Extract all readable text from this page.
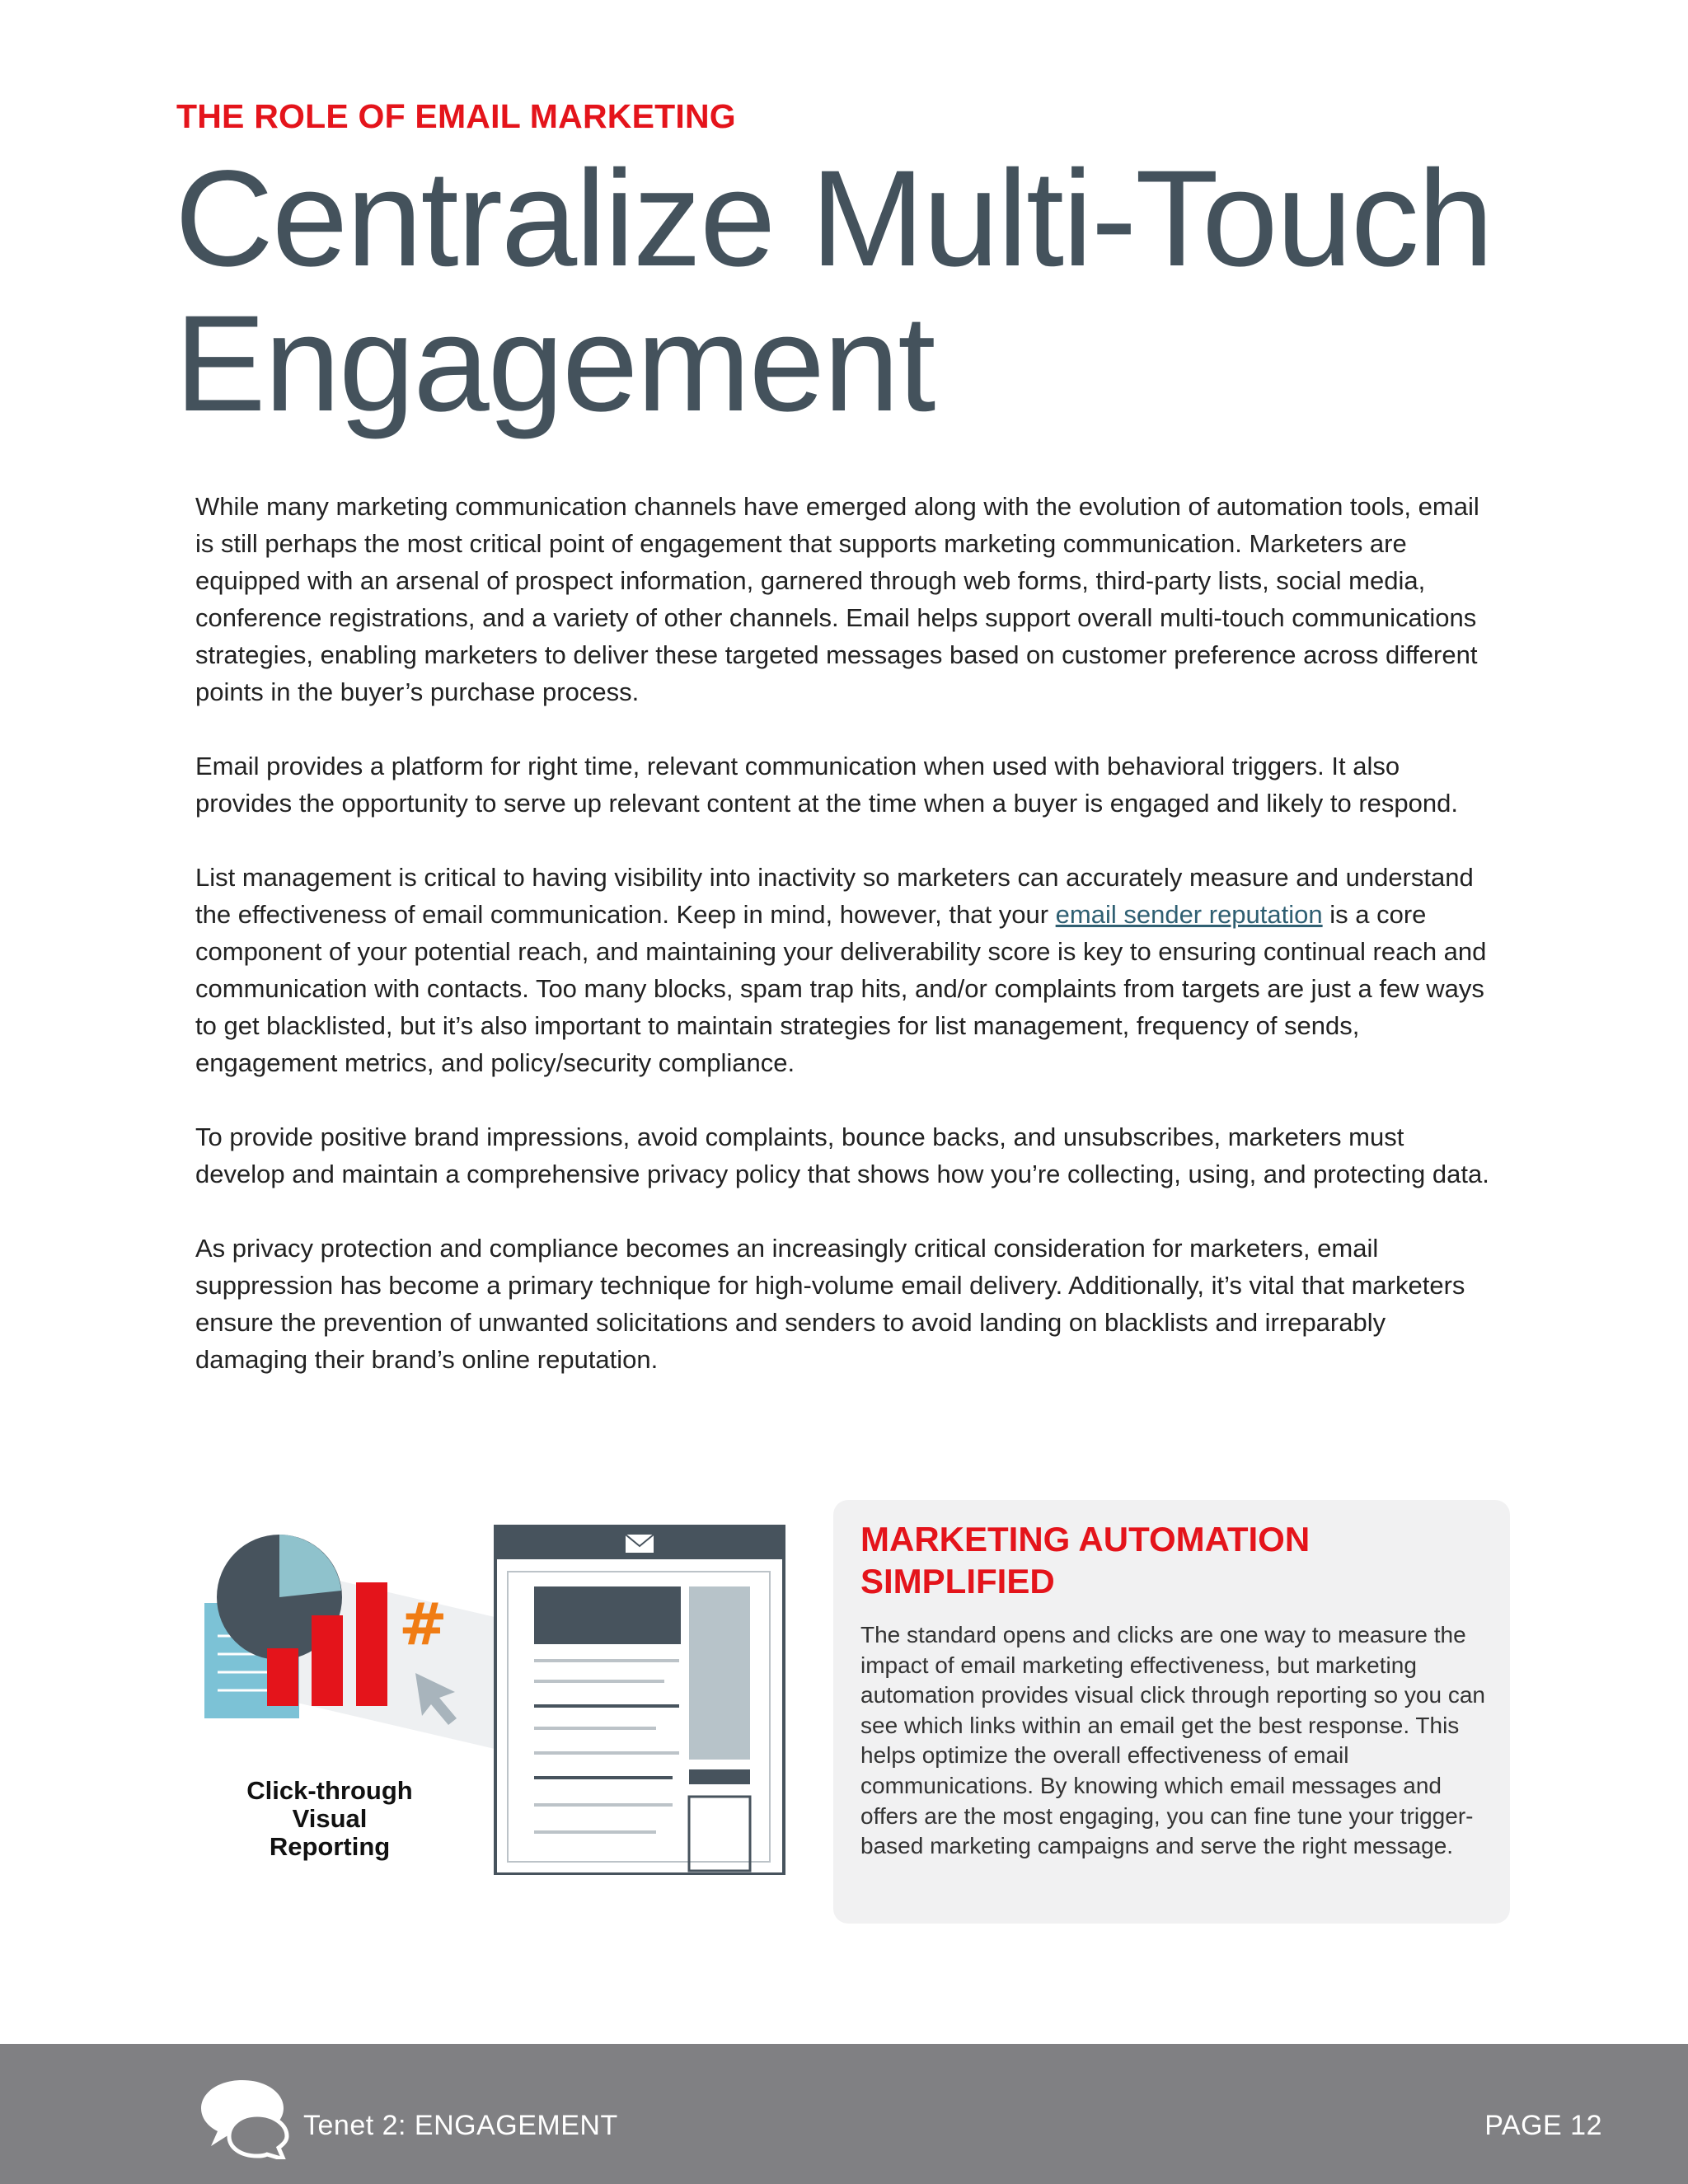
THE ROLE OF EMAIL MARKETING
Centralize Multi-Touch Engagement

While many marketing communication channels have emerged along with the evolution of automation tools, email is still perhaps the most critical point of engagement that supports marketing communication. Marketers are equipped with an arsenal of prospect information, garnered through web forms, third-party lists, social media, conference registrations, and a variety of other channels. Email helps support overall multi-touch communications strategies, enabling marketers to deliver these targeted messages based on customer preference across different points in the buyer’s purchase process.

Email provides a platform for right time, relevant communication when used with behavioral triggers. It also provides the opportunity to serve up relevant content at the time when a buyer is engaged and likely to respond.

List management is critical to having visibility into inactivity so marketers can accurately measure and understand the effectiveness of email communication. Keep in mind, however, that your email sender reputation is a core component of your potential reach, and maintaining your deliverability score is key to ensuring continual reach and communication with contacts. Too many blocks, spam trap hits, and/or complaints from targets are just a few ways to get blacklisted, but it’s also important to maintain strategies for list management, frequency of sends, engagement metrics, and policy/security compliance.

To provide positive brand impressions, avoid complaints, bounce backs, and unsubscribes, marketers must develop and maintain a comprehensive privacy policy that shows how you’re collecting, using, and protecting data.

As privacy protection and compliance becomes an increasingly critical consideration for marketers, email suppression has become a primary technique for high-volume email delivery. Additionally, it’s vital that marketers ensure the prevention of unwanted solicitations and senders to avoid landing on blacklists and irreparably damaging their brand’s online reputation.

#
Click-through
Visual
Reporting
MARKETING AUTOMATION SIMPLIFIED
The standard opens and clicks are one way to measure the impact of email marketing effectiveness, but marketing automation provides visual click through reporting so you can see which links within an email get the best response. This helps optimize the overall effectiveness of email communications. By knowing which email messages and offers are the most engaging, you can fine tune your trigger-based marketing campaigns and serve the right message.
Tenet 2: ENGAGEMENT	PAGE 12
